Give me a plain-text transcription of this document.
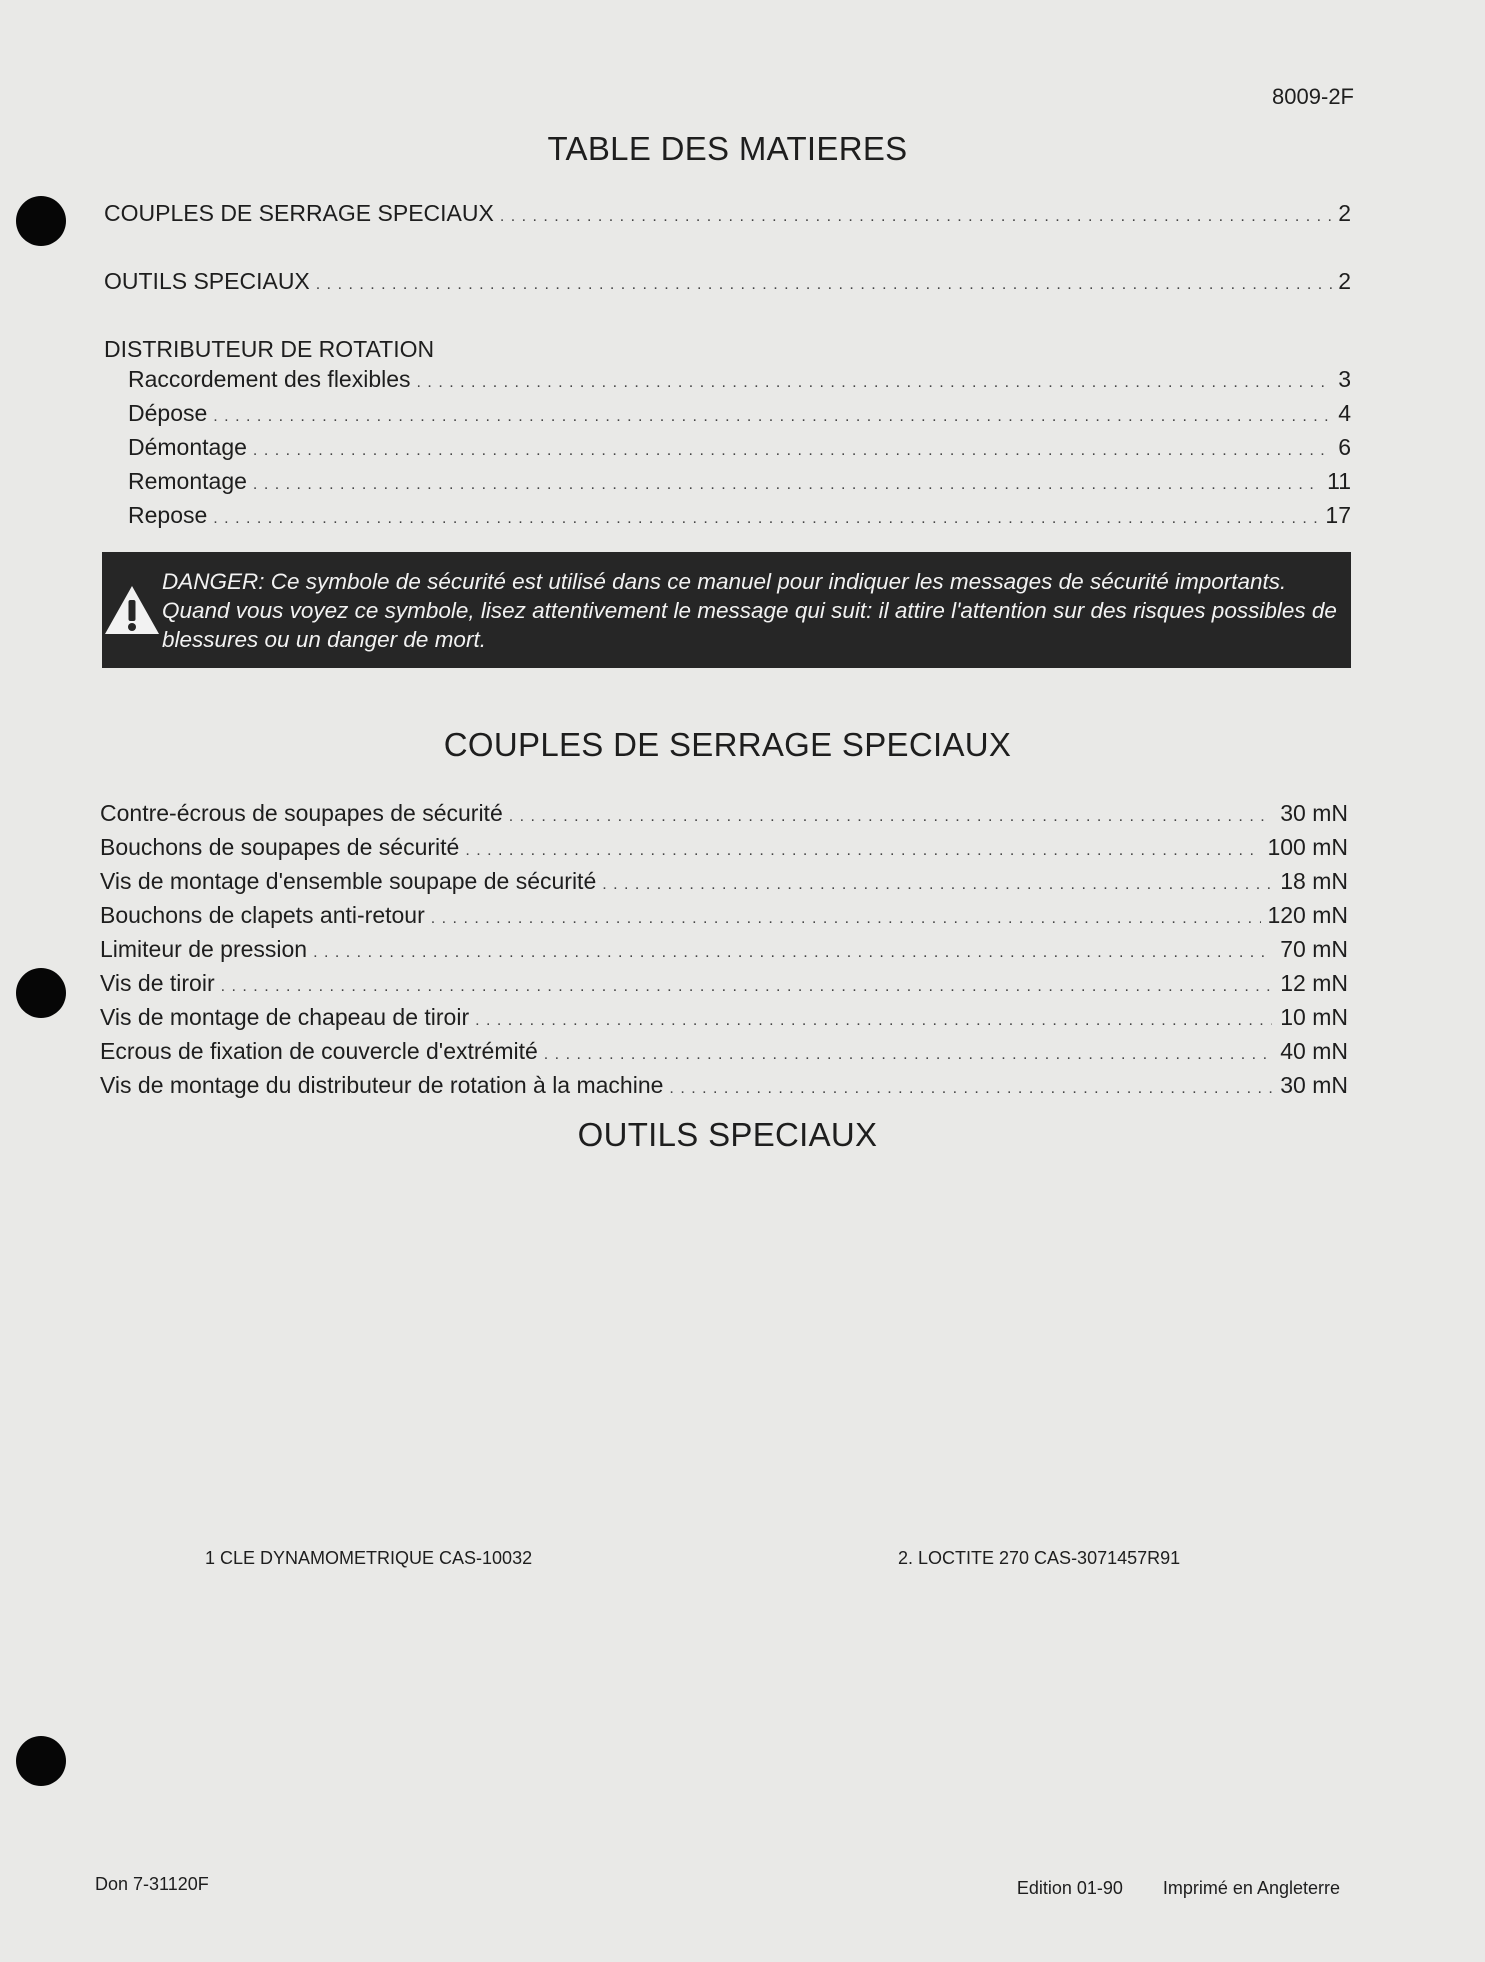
8009-2F
TABLE DES MATIERES
COUPLES DE SERRAGE SPECIAUX . . .	2
OUTILS SPECIAUX . . .	2
DISTRIBUTEUR DE ROTATION
Raccordement des flexibles . . .	3
Dépose . . .	4
Démontage . . .	6
Remontage . . .	11
Repose . . .	17
DANGER: Ce symbole de sécurité est utilisé dans ce manuel pour indiquer les messages de sécurité importants. Quand vous voyez ce symbole, lisez attentivement le message qui suit: il attire l'attention sur des risques possibles de blessures ou un danger de mort.
COUPLES DE SERRAGE SPECIAUX
Contre-écrous de soupapes de sécurité . . .	30 mN
Bouchons de soupapes de sécurité . . .	100 mN
Vis de montage d'ensemble soupape de sécurité . . .	18 mN
Bouchons de clapets anti-retour . . .	120 mN
Limiteur de pression . . .	70 mN
Vis de tiroir . . .	12 mN
Vis de montage de chapeau de tiroir . . .	10 mN
Ecrous de fixation de couvercle d'extrémité . . .	40 mN
Vis de montage du distributeur de rotation à la machine . . .	30 mN
OUTILS SPECIAUX
1 CLE DYNAMOMETRIQUE CAS-10032	2. LOCTITE 270 CAS-3071457R91
Don 7-31120F	Edition 01-90 Imprimé en Angleterre
